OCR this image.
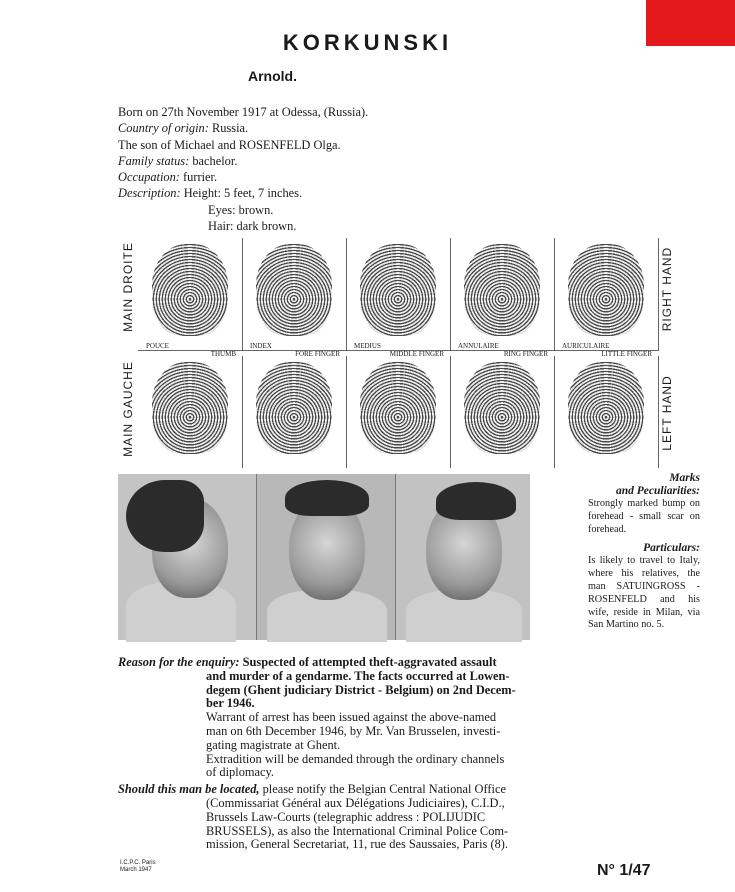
KORKUNSKI
Arnold.
Born on 27th November 1917 at Odessa, (Russia).
Country of origin: Russia.
The son of Michael and ROSENFELD Olga.
Family status: bachelor.
Occupation: furrier.
Description: Height: 5 feet, 7 inches.
Eyes: brown.
Hair: dark brown.
MAIN DROITE
MAIN GAUCHE
RIGHT HAND
LEFT HAND
POUCE
THUMB
INDEX
FORE FINGER
MEDIUS
MIDDLE FINGER
ANNULAIRE
RING FINGER
AURICULAIRE
LITTLE FINGER
Marks
and Peculiarities:
Strongly marked bump on forehead - small scar on forehead.
Particulars:
Is likely to travel to Italy, where his relatives, the man SATUINGROSS - ROSENFELD and his wife, reside in Milan, via San Martino no. 5.
Reason for the enquiry: Suspected of attempted theft-aggravated assault
and murder of a gendarme. The facts occurred at Lowen-
degem (Ghent judiciary District - Belgium) on 2nd Decem-
ber 1946.
Warrant of arrest has been issued against the above-named
man on 6th December 1946, by Mr. Van Brusselen, investi-
gating magistrate at Ghent.
Extradition will be demanded through the ordinary channels
of diplomacy.
Should this man be located, please notify the Belgian Central National Office
(Commissariat Général aux Délégations Judiciaires), C.I.D.,
Brussels Law-Courts (telegraphic address : POLIJUDIC
BRUSSELS), as also the International Criminal Police Com-
mission, General Secretariat, 11, rue des Saussaies, Paris (8).
I.C.P.C. Paris
March 1947	N° 1/47
